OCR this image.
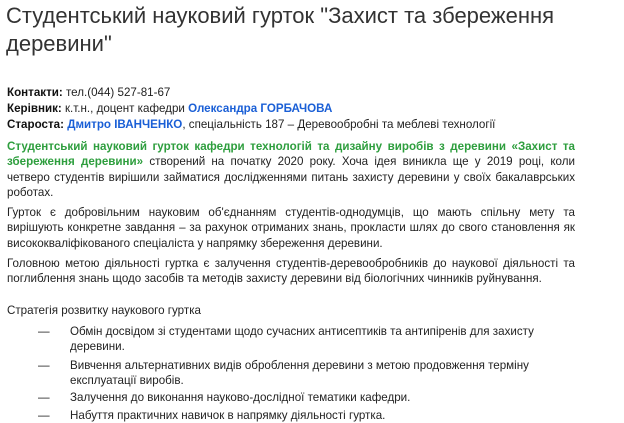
Студентський науковий гурток "Захист та збереження деревини"
Контакти: тел.(044) 527-81-67
Керівник: к.т.н., доцент кафедри Олександра ГОРБАЧОВА
Староста: Дмитро ІВАНЧЕНКО, спеціальність 187 – Деревообробні та меблеві технології

Студентський науковий гурток кафедри технологій та дизайну виробів з деревини «Захист та збереження деревини» створений на початку 2020 року. Хоча ідея виникла ще у 2019 році, коли четверо студентів вирішили займатися дослідженнями питань захисту деревини у своїх бакалаврських роботах.

Гурток є добровільним науковим об'єднанням студентів-однодумців, що мають спільну мету та вирішують конкретне завдання – за рахунок отриманих знань, прокласти шлях до свого становлення як висококваліфікованого спеціаліста у напрямку збереження деревини.

Головною метою діяльності гуртка є залучення студентів-деревообробників до наукової діяльності та поглиблення знань щодо засобів та методів захисту деревини від біологічних чинників руйнування.

Стратегія розвитку наукового гуртка

—	Обмін досвідом зі студентами щодо сучасних антисептиків та антипіренів для захисту деревини.
—	Вивчення альтернативних видів оброблення деревини з метою продовження терміну експлуатації виробів.
—	Залучення до виконання науково-дослідної тематики кафедри.
—	Набуття практичних навичок в напрямку діяльності гуртка.
